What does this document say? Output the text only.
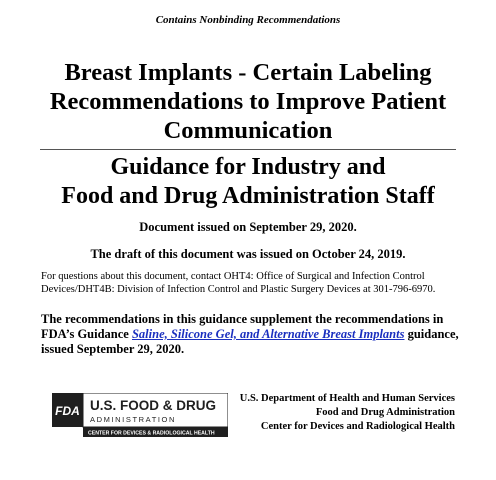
Contains Nonbinding Recommendations
Breast Implants - Certain Labeling
Recommendations to Improve Patient
Communication
Guidance for Industry and
Food and Drug Administration Staff
Document issued on September 29, 2020.
The draft of this document was issued on October 24, 2019.
For questions about this document, contact OHT4: Office of Surgical and Infection Control Devices/DHT4B: Division of Infection Control and Plastic Surgery Devices at 301-796-6970.
The recommendations in this guidance supplement the recommendations in FDA’s Guidance Saline, Silicone Gel, and Alternative Breast Implants guidance, issued September 29, 2020.
FDA U.S. FOOD & DRUG
ADMINISTRATION
CENTER FOR DEVICES & RADIOLOGICAL HEALTH
U.S. Department of Health and Human Services
Food and Drug Administration
Center for Devices and Radiological Health
